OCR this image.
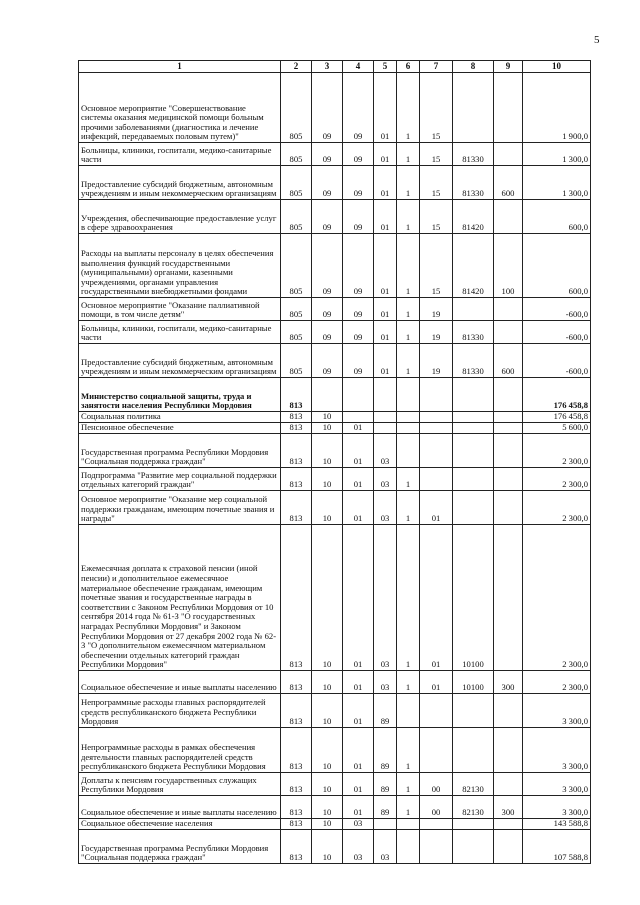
5
1	2	3	4	5	6	7	8	9	10
Основное мероприятие "Совершенствование системы оказания медицинской помощи больным прочими заболеваниями (диагностика и лечение инфекций, передаваемых половым путем)"	805	09	09	01	1	15			1 900,0
Больницы, клиники, госпитали, медико-санитарные части	805	09	09	01	1	15	81330		1 300,0
Предоставление субсидий бюджетным, автономным учреждениям и иным некоммерческим организациям	805	09	09	01	1	15	81330	600	1 300,0
Учреждения, обеспечивающие предоставление услуг в сфере здравоохранения	805	09	09	01	1	15	81420		600,0
Расходы на выплаты персоналу в целях обеспечения выполнения функций государственными (муниципальными) органами, казенными учреждениями, органами управления государственными внебюджетными фондами	805	09	09	01	1	15	81420	100	600,0
Основное мероприятие "Оказание паллиативной помощи, в том числе детям"	805	09	09	01	1	19			-600,0
Больницы, клиники, госпитали, медико-санитарные части	805	09	09	01	1	19	81330		-600,0
Предоставление субсидий бюджетным, автономным учреждениям и иным некоммерческим организациям	805	09	09	01	1	19	81330	600	-600,0
Министерство социальной защиты, труда и занятости населения Республики Мордовия	813								176 458,8
Социальная политика	813	10							176 458,8
Пенсионное обеспечение	813	10	01						5 600,0
Государственная программа Республики Мордовия "Социальная поддержка граждан"	813	10	01	03					2 300,0
Подпрограмма "Развитие мер социальной поддержки отдельных категорий граждан"	813	10	01	03	1				2 300,0
Основное мероприятие "Оказание мер социальной поддержки гражданам, имеющим почетные звания и награды"	813	10	01	03	1	01			2 300,0
Ежемесячная доплата к страховой пенсии (иной пенсии) и дополнительное ежемесячное материальное обеспечение гражданам, имеющим почетные звания и государственные награды в соответствии с Законом Республики Мордовия от 10 сентября 2014 года № 61-З "О государственных наградах Республики Мордовия" и Законом Республики Мордовия от 27 декабря 2002 года № 62-З "О дополнительном ежемесячном материальном обеспечении отдельных категорий граждан Республики Мордовия"	813	10	01	03	1	01	10100		2 300,0
Социальное обеспечение и иные выплаты населению	813	10	01	03	1	01	10100	300	2 300,0
Непрограммные расходы главных распорядителей средств республиканского бюджета Республики Мордовия	813	10	01	89					3 300,0
Непрограммные расходы в рамках обеспечения деятельности главных распорядителей средств республиканского бюджета Республики Мордовия	813	10	01	89	1				3 300,0
Доплаты к пенсиям государственных служащих Республики Мордовия	813	10	01	89	1	00	82130		3 300,0
Социальное обеспечение и иные выплаты населению	813	10	01	89	1	00	82130	300	3 300,0
Социальное обеспечение населения	813	10	03						143 588,8
Государственная программа Республики Мордовия "Социальная поддержка граждан"	813	10	03	03					107 588,8
